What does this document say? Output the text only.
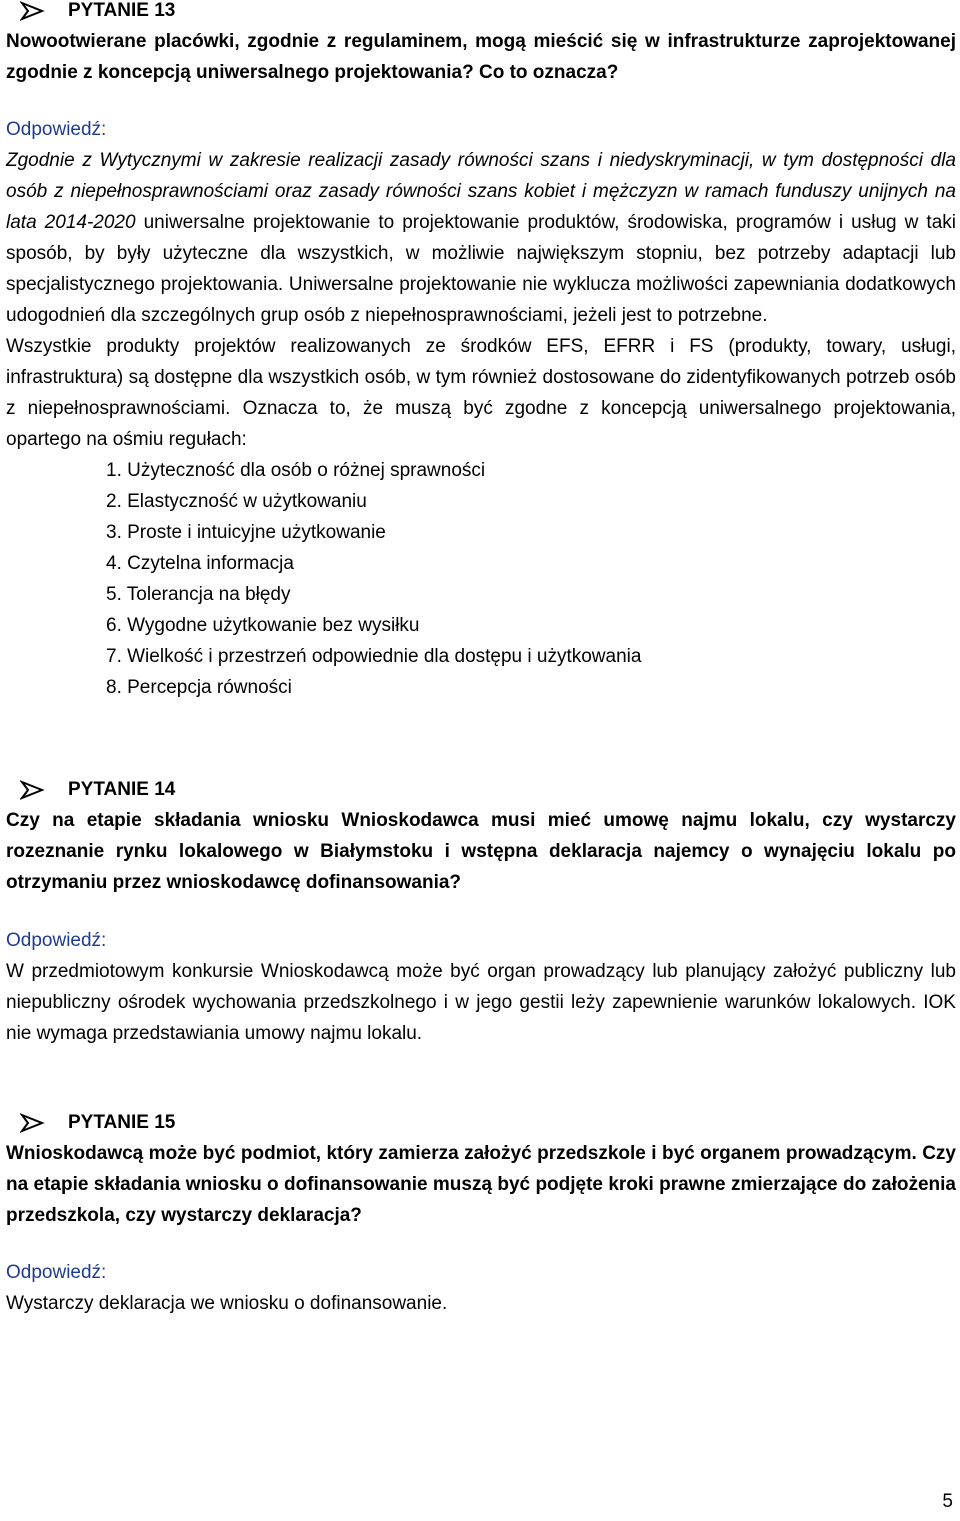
PYTANIE 13
Nowootwierane placówki, zgodnie z regulaminem, mogą mieścić się w infrastrukturze zaprojektowanej zgodnie z koncepcją uniwersalnego projektowania? Co to oznacza?
Odpowiedź:
Zgodnie z Wytycznymi w zakresie realizacji zasady równości szans i niedyskryminacji, w tym dostępności dla osób z niepełnosprawnościami oraz zasady równości szans kobiet i mężczyzn w ramach funduszy unijnych na lata 2014-2020 uniwersalne projektowanie to projektowanie produktów, środowiska, programów i usług w taki sposób, by były użyteczne dla wszystkich, w możliwie największym stopniu, bez potrzeby adaptacji lub specjalistycznego projektowania. Uniwersalne projektowanie nie wyklucza możliwości zapewniania dodatkowych udogodnień dla szczególnych grup osób z niepełnosprawnościami, jeżeli jest to potrzebne.
Wszystkie produkty projektów realizowanych ze środków EFS, EFRR i FS (produkty, towary, usługi, infrastruktura) są dostępne dla wszystkich osób, w tym również dostosowane do zidentyfikowanych potrzeb osób z niepełnosprawnościami. Oznacza to, że muszą być zgodne z koncepcją uniwersalnego projektowania, opartego na ośmiu regułach:
1. Użyteczność dla osób o różnej sprawności
2. Elastyczność w użytkowaniu
3. Proste i intuicyjne użytkowanie
4. Czytelna informacja
5. Tolerancja na błędy
6. Wygodne użytkowanie bez wysiłku
7. Wielkość i przestrzeń odpowiednie dla dostępu i użytkowania
8. Percepcja równości
PYTANIE 14
Czy na etapie składania wniosku Wnioskodawca musi mieć umowę najmu lokalu, czy wystarczy rozeznanie rynku lokalowego w Białymstoku i wstępna deklaracja najemcy o wynajęciu lokalu po otrzymaniu przez wnioskodawcę dofinansowania?
Odpowiedź:
W przedmiotowym konkursie Wnioskodawcą może być organ prowadzący lub planujący założyć publiczny lub niepubliczny ośrodek wychowania przedszkolnego i w jego gestii leży zapewnienie warunków lokalowych. IOK nie wymaga przedstawiania umowy najmu lokalu.
PYTANIE 15
Wnioskodawcą może być podmiot, który zamierza założyć przedszkole i być organem prowadzącym. Czy na etapie składania wniosku o dofinansowanie muszą być podjęte kroki prawne zmierzające do założenia przedszkola, czy wystarczy deklaracja?
Odpowiedź:
Wystarczy deklaracja we wniosku o dofinansowanie.
5
